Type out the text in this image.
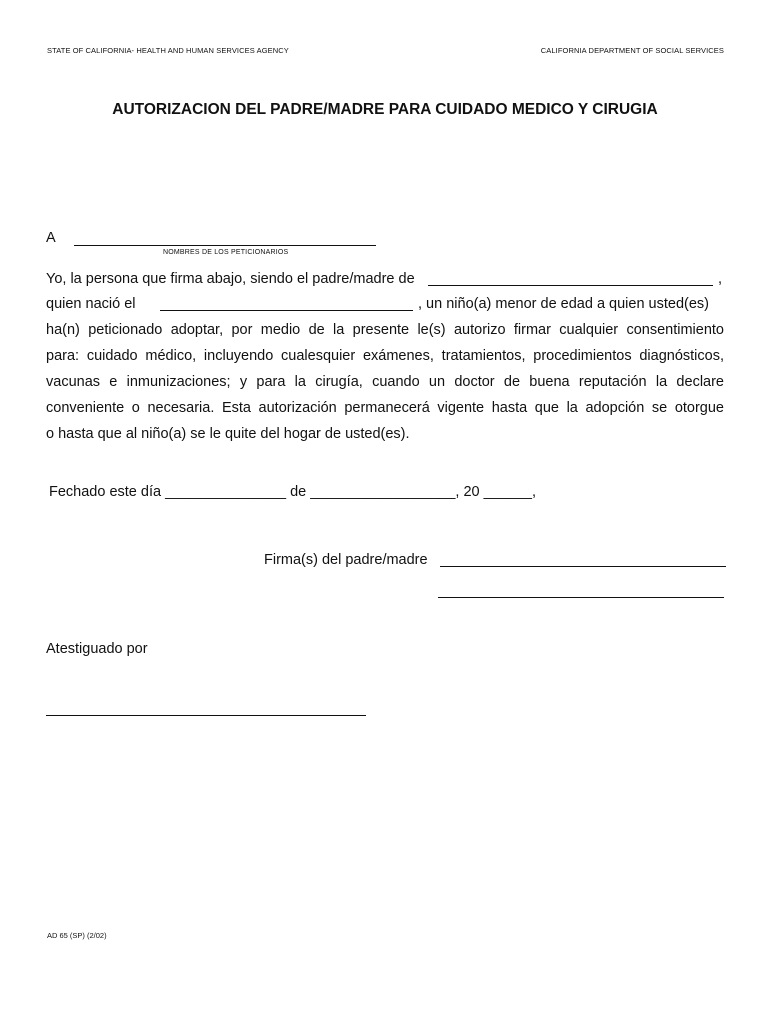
STATE OF CALIFORNIA- HEALTH AND HUMAN SERVICES AGENCY	CALIFORNIA DEPARTMENT OF SOCIAL SERVICES
AUTORIZACION DEL PADRE/MADRE PARA CUIDADO MEDICO Y CIRUGIA
A
NOMBRES DE LOS PETICIONARIOS
Yo, la persona que firma abajo, siendo el padre/madre de	,
quien nació el	, un niño(a) menor de edad a quien usted(es)
ha(n) peticionado adoptar, por medio de la presente le(s) autorizo firmar cualquier consentimiento
para: cuidado médico, incluyendo cualesquier exámenes, tratamientos, procedimientos diagnósticos,
vacunas e inmunizaciones; y para la cirugía, cuando un doctor de buena reputación la declare
conveniente o necesaria. Esta autorización permanecerá vigente hasta que la adopción se otorgue
o hasta que al niño(a) se le quite del hogar de usted(es).
Fechado este día _______________ de __________________, 20 ______,
Firma(s) del padre/madre
Atestiguado por
AD 65 (SP) (2/02)
